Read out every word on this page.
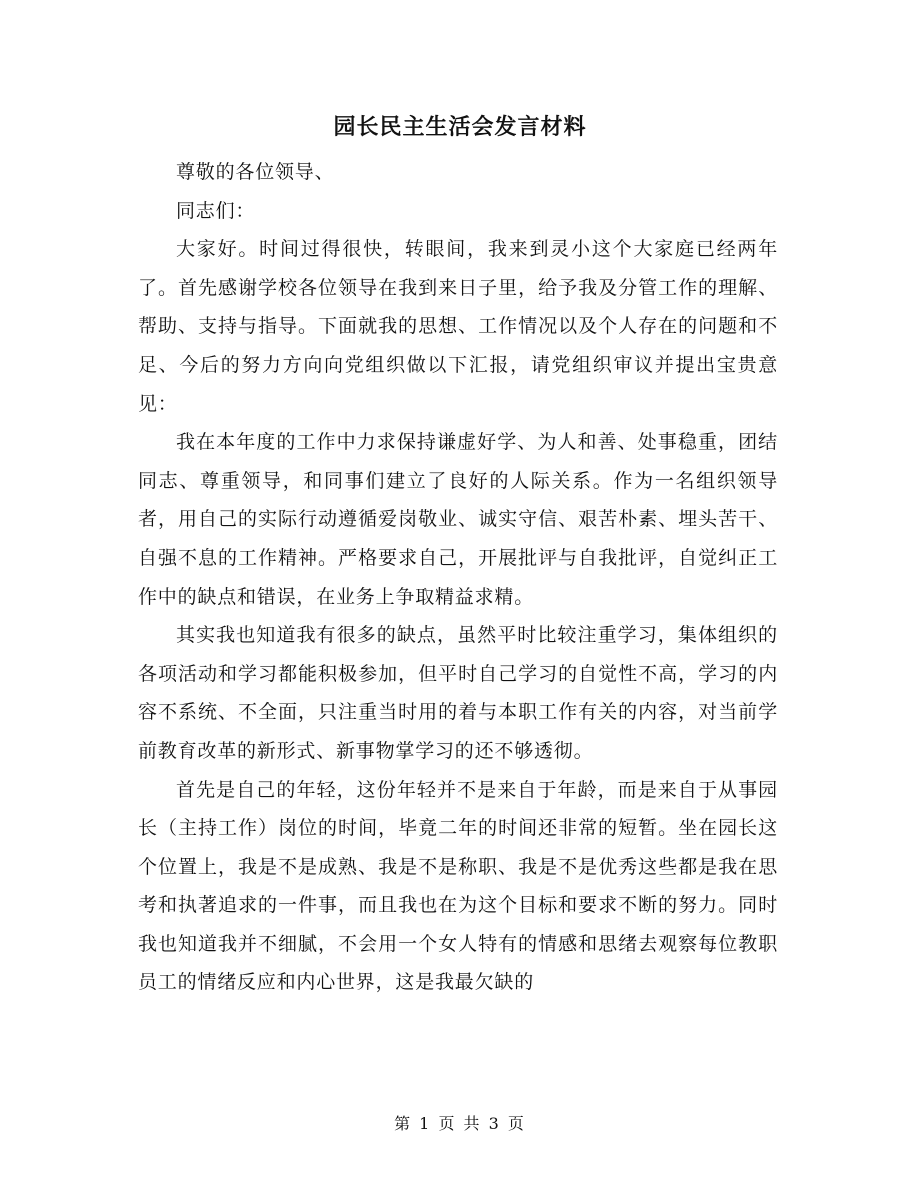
园长民主生活会发言材料

尊敬的各位领导、

同志们：

大家好。时间过得很快，转眼间，我来到灵小这个大家庭已经两年了。首先感谢学校各位领导在我到来日子里，给予我及分管工作的理解、帮助、支持与指导。下面就我的思想、工作情况以及个人存在的问题和不足、今后的努力方向向党组织做以下汇报，请党组织审议并提出宝贵意见：

我在本年度的工作中力求保持谦虚好学、为人和善、处事稳重，团结同志、尊重领导，和同事们建立了良好的人际关系。作为一名组织领导者，用自己的实际行动遵循爱岗敬业、诚实守信、艰苦朴素、埋头苦干、自强不息的工作精神。严格要求自己，开展批评与自我批评，自觉纠正工作中的缺点和错误，在业务上争取精益求精。

其实我也知道我有很多的缺点，虽然平时比较注重学习，集体组织的各项活动和学习都能积极参加，但平时自己学习的自觉性不高，学习的内容不系统、不全面，只注重当时用的着与本职工作有关的内容，对当前学前教育改革的新形式、新事物掌学习的还不够透彻。

首先是自己的年轻，这份年轻并不是来自于年龄，而是来自于从事园长（主持工作）岗位的时间，毕竟二年的时间还非常的短暂。坐在园长这个位置上，我是不是成熟、我是不是称职、我是不是优秀这些都是我在思考和执著追求的一件事，而且我也在为这个目标和要求不断的努力。同时我也知道我并不细腻，不会用一个女人特有的情感和思绪去观察每位教职员工的情绪反应和内心世界，这是我最欠缺的

第 1 页 共 3 页
